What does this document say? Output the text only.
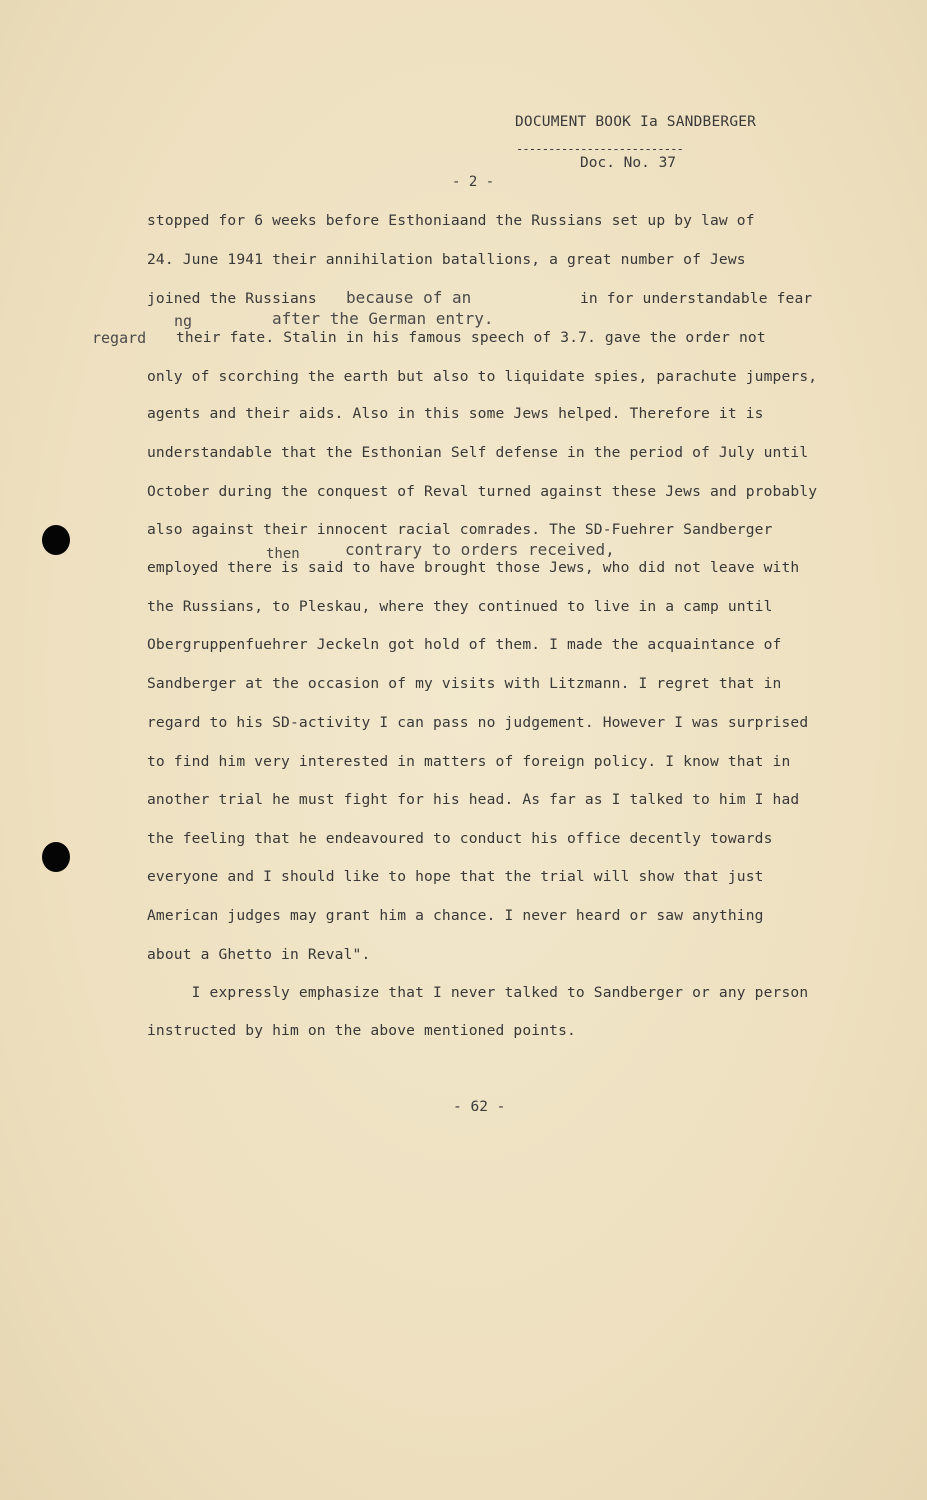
DOCUMENT BOOK Ia SANDBERGER
--------------------------
Doc. No. 37
- 2 -
stopped for 6 weeks before Esthoniaand the Russians set up by law of
24. June 1941 their annihilation batallions, a great number of Jews
joined the Russians because of an	in for understandable fear
after the German entry.
ng
regard their fate. Stalin in his famous speech of 3.7. gave the order not
only of scorching the earth but also to liquidate spies, parachute jumpers,
agents and their aids. Also in this some Jews helped. Therefore it is
understandable that the Esthonian Self defense in the period of July until
October during the conquest of Reval turned against these Jews and probably
also against their innocent racial comrades. The SD-Fuehrer Sandberger
contrary to orders received,
then
employed there is said to have brought those Jews, who did not leave with
the Russians, to Pleskau, where they continued to live in a camp until
Obergruppenfuehrer Jeckeln got hold of them. I made the acquaintance of
Sandberger at the occasion of my visits with Litzmann. I regret that in
regard to his SD-activity I can pass no judgement. However I was surprised
to find him very interested in matters of foreign policy. I know that in
another trial he must fight for his head. As far as I talked to him I had
the feeling that he endeavoured to conduct his office decently towards
everyone and I should like to hope that the trial will show that just
American judges may grant him a chance. I never heard or saw anything
about a Ghetto in Reval".
I expressly emphasize that I never talked to Sandberger or any person
instructed by him on the above mentioned points.
- 62 -
